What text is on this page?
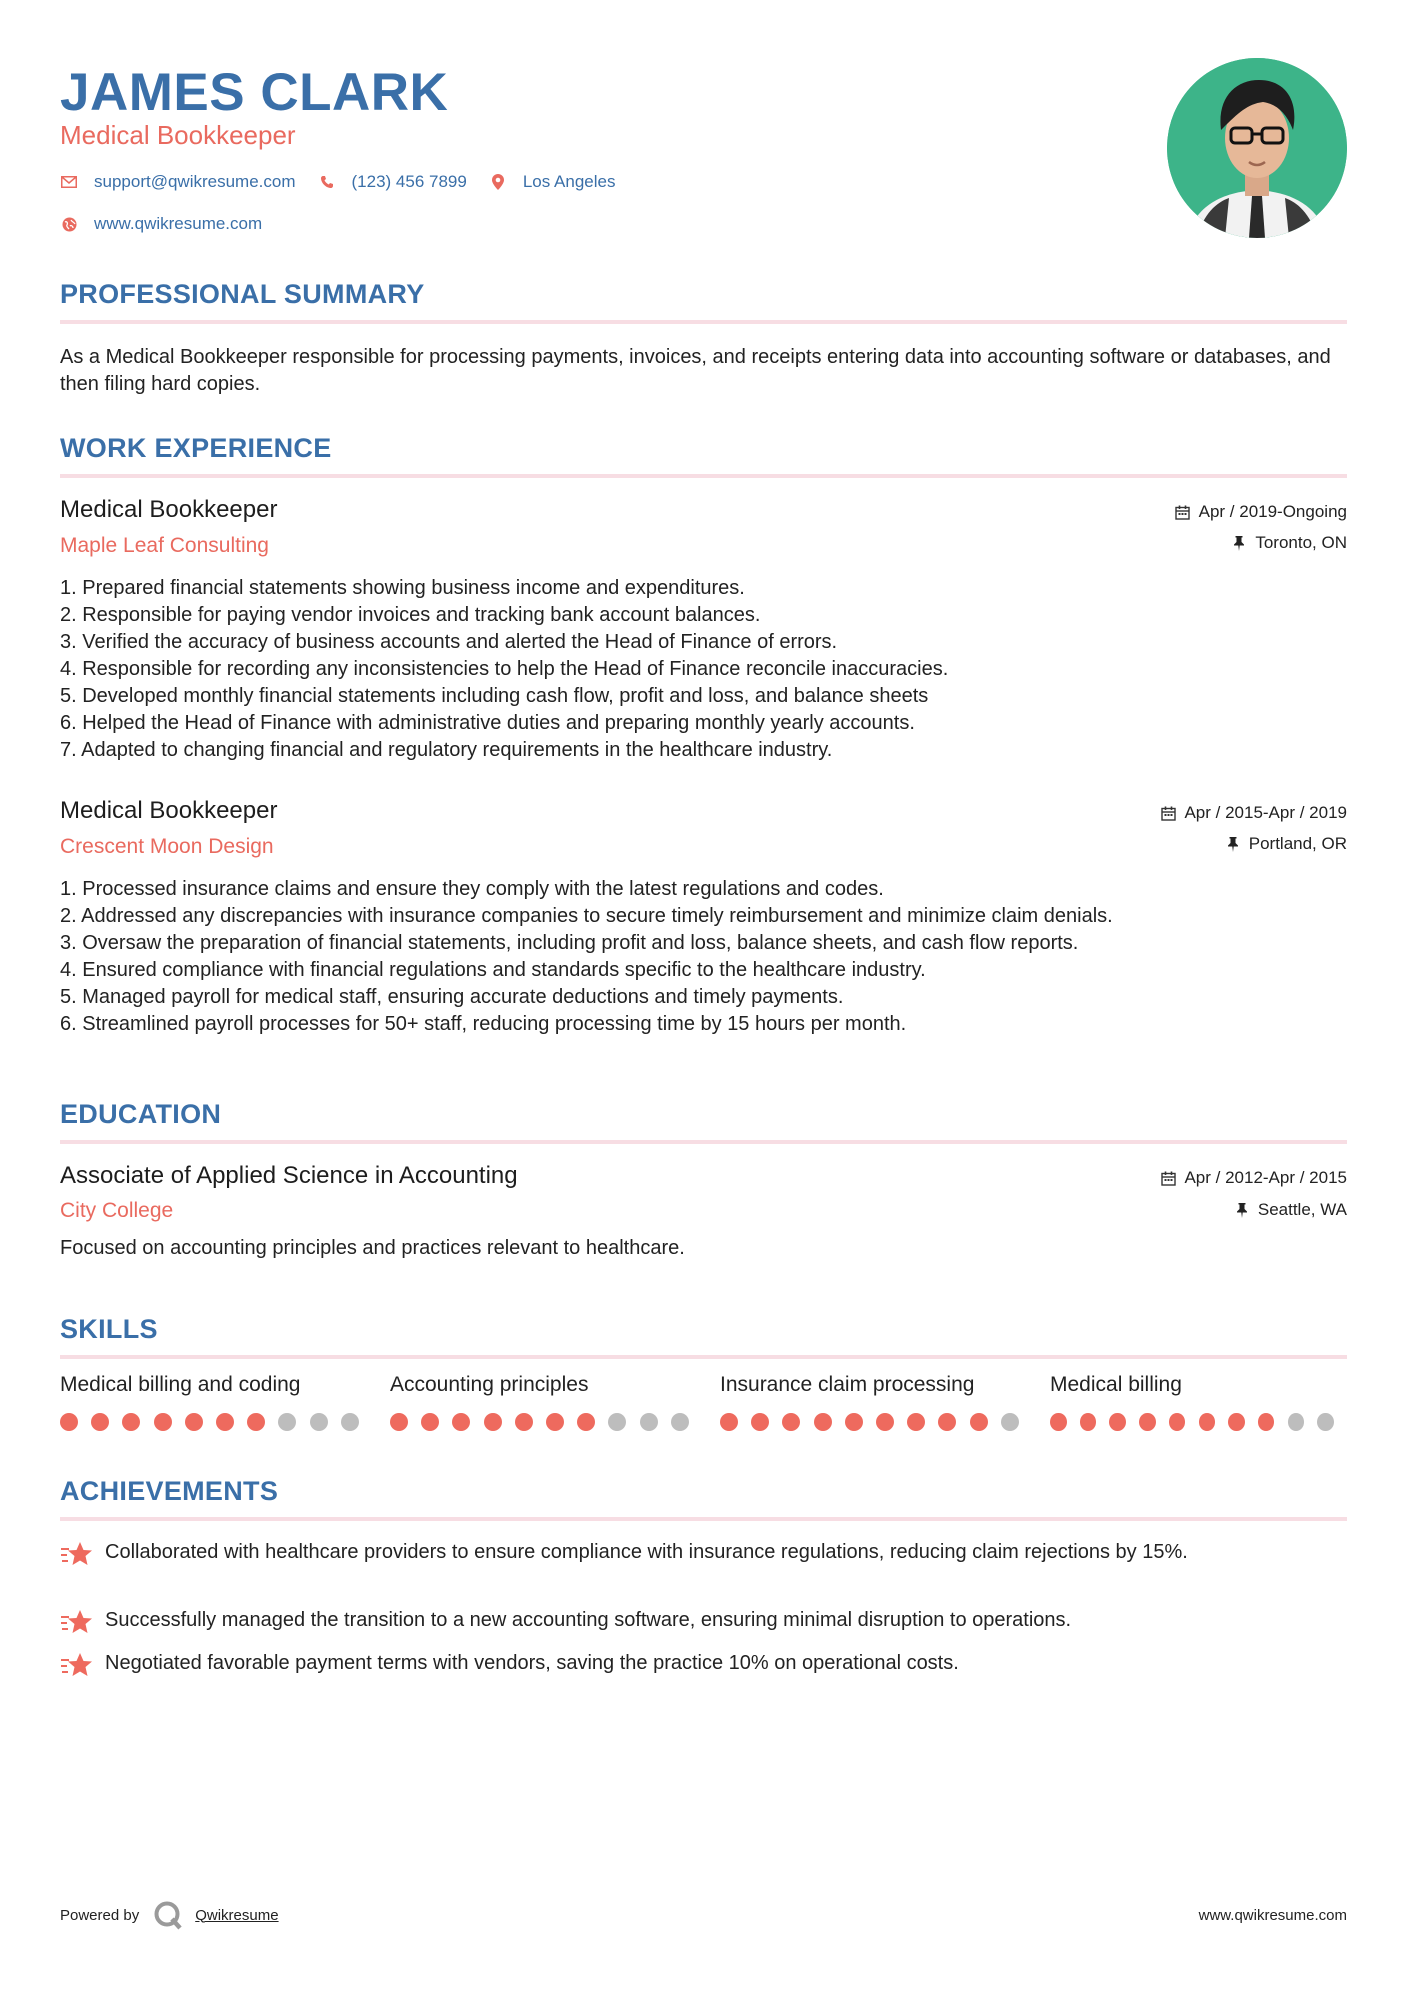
JAMES CLARK
Medical Bookkeeper
support@qwikresume.com	(123) 456 7899	Los Angeles
www.qwikresume.com
PROFESSIONAL SUMMARY
As a Medical Bookkeeper responsible for processing payments, invoices, and receipts entering data into accounting software or databases, and then filing hard copies.
WORK EXPERIENCE
Medical Bookkeeper
Maple Leaf Consulting
Apr / 2019-Ongoing
Toronto, ON
1. Prepared financial statements showing business income and expenditures.
2. Responsible for paying vendor invoices and tracking bank account balances.
3. Verified the accuracy of business accounts and alerted the Head of Finance of errors.
4. Responsible for recording any inconsistencies to help the Head of Finance reconcile inaccuracies.
5. Developed monthly financial statements including cash flow, profit and loss, and balance sheets
6. Helped the Head of Finance with administrative duties and preparing monthly yearly accounts.
7. Adapted to changing financial and regulatory requirements in the healthcare industry.
Medical Bookkeeper
Crescent Moon Design
Apr / 2015-Apr / 2019
Portland, OR
1. Processed insurance claims and ensure they comply with the latest regulations and codes.
2. Addressed any discrepancies with insurance companies to secure timely reimbursement and minimize claim denials.
3. Oversaw the preparation of financial statements, including profit and loss, balance sheets, and cash flow reports.
4. Ensured compliance with financial regulations and standards specific to the healthcare industry.
5. Managed payroll for medical staff, ensuring accurate deductions and timely payments.
6. Streamlined payroll processes for 50+ staff, reducing processing time by 15 hours per month.
EDUCATION
Associate of Applied Science in Accounting
City College
Apr / 2012-Apr / 2015
Seattle, WA
Focused on accounting principles and practices relevant to healthcare.
SKILLS
Medical billing and coding	Accounting principles	Insurance claim processing	Medical billing
ACHIEVEMENTS
Collaborated with healthcare providers to ensure compliance with insurance regulations, reducing claim rejections by 15%.
Successfully managed the transition to a new accounting software, ensuring minimal disruption to operations.
Negotiated favorable payment terms with vendors, saving the practice 10% on operational costs.
Powered by	Qwikresume	www.qwikresume.com
